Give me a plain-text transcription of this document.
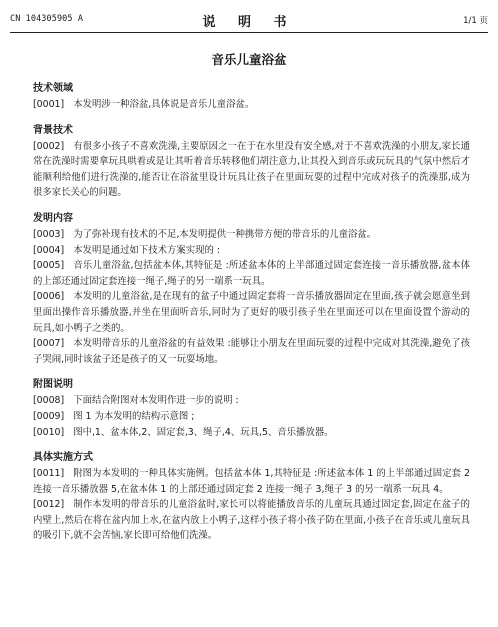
CN 104305905 A	说 明 书	1/1 页
音乐儿童浴盆
技术领域
[0001] 本发明涉一种浴盆,具体说是音乐儿童浴盆。
背景技术
[0002] 有很多小孩子不喜欢洗澡,主要原因之一在于在水里没有安全感,对于不喜欢洗澡的小朋友,家长通常在洗澡时需要拿玩具哄着或是让其听着音乐转移他们胡注意力,让其投入到音乐或玩玩具的气氛中然后才能顺利给他们进行洗澡的,能否让在浴盆里设计玩具让孩子在里面玩耍的过程中完成对孩子的洗澡那,成为很多家长关心的问题。
发明内容
[0003] 为了弥补现有技术的不足,本发明提供一种携带方便的带音乐的儿童浴盆。
[0004] 本发明是通过如下技术方案实现的 :
[0005] 音乐儿童浴盆,包括盆本体,其特征是 :所述盆本体的上半部通过固定套连接一音乐播放器,盆本体的上部还通过固定套连接一绳子,绳子的另一端系一玩具。
[0006] 本发明的儿童浴盆,是在现有的盆子中通过固定套将一音乐播放器固定在里面,孩子就会愿意坐到里面出操作音乐播放器,并坐在里面听音乐,同时为了更好的吸引孩子坐在里面还可以在里面设置个游动的玩具,如小鸭子之类的。
[0007] 本发明带音乐的儿童浴盆的有益效果 :能够让小朋友在里面玩耍的过程中完成对其洗澡,避免了孩子哭闹,同时该盆子还是孩子的又一玩耍场地。
附图说明
[0008] 下面结合附图对本发明作进一步的说明 :
[0009] 图 1 为本发明的结构示意图 ;
[0010] 图中,1、盆本体,2、固定套,3、绳子,4、玩具,5、音乐播放器。
具体实施方式
[0011] 附图为本发明的一种具体实施例。包括盆本体 1,其特征是 :所述盆本体 1 的上半部通过固定套 2 连接一音乐播放器 5,在盆本体 1 的上部还通过固定套 2 连接一绳子 3,绳子 3 的另一端系一玩具 4。
[0012] 制作本发明的带音乐的儿童浴盆时,家长可以将能播放音乐的儿童玩具通过固定套,固定在盆子的内壁上,然后在将在盆内加上水,在盆内放上小鸭子,这样小孩子将小孩子防在里面,小孩子在音乐或儿童玩具的吸引下,就不会苦恼,家长即可给他们洗澡。
